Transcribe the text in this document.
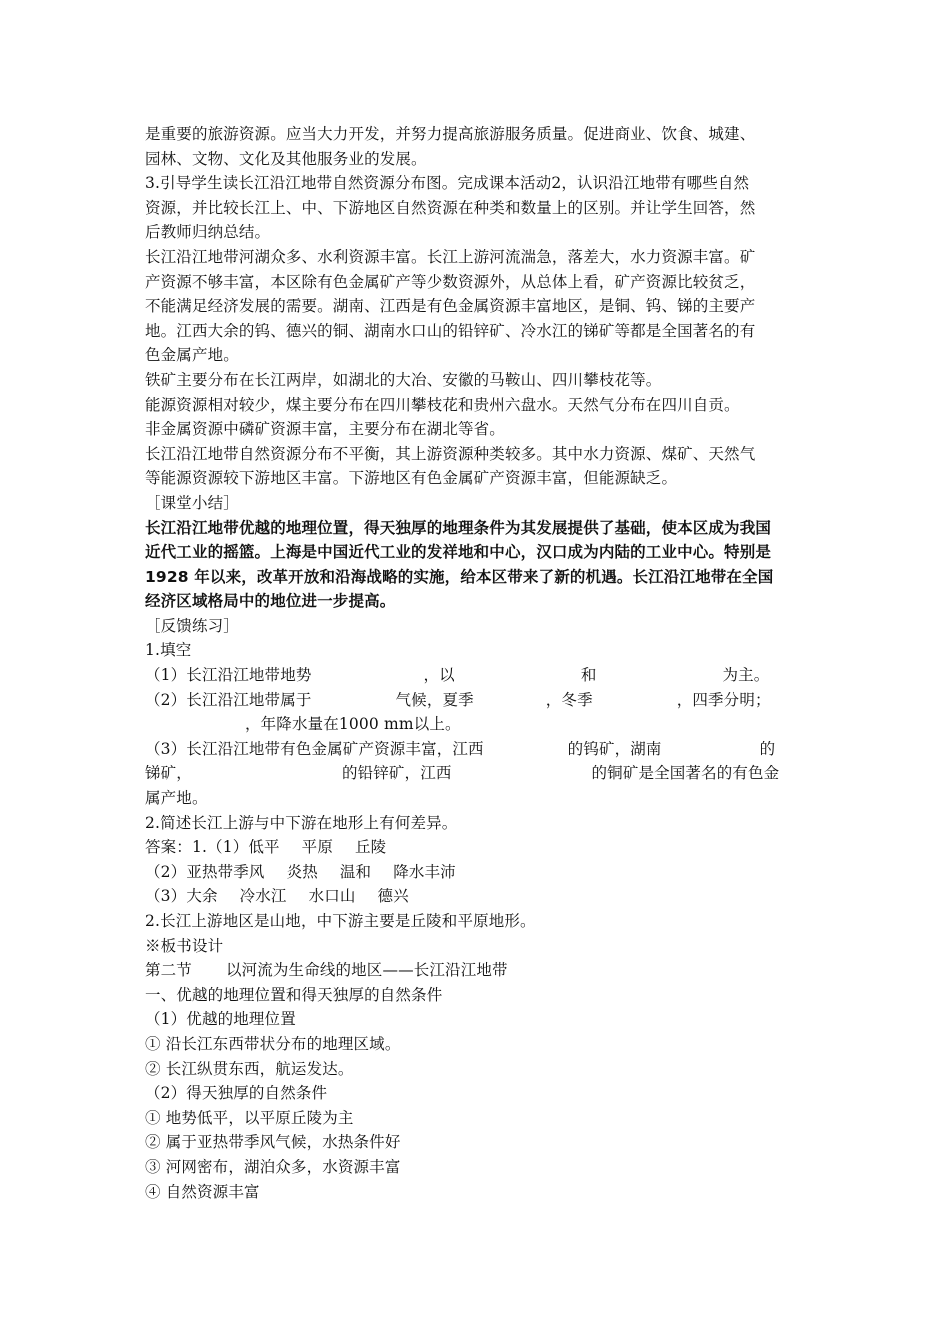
是重要的旅游资源。应当大力开发，并努力提高旅游服务质量。促进商业、饮食、城建、
园林、文物、文化及其他服务业的发展。
3.引导学生读长江沿江地带自然资源分布图。完成课本活动2，认识沿江地带有哪些自然
资源，并比较长江上、中、下游地区自然资源在种类和数量上的区别。并让学生回答，然
后教师归纳总结。
长江沿江地带河湖众多、水利资源丰富。长江上游河流湍急，落差大，水力资源丰富。矿
产资源不够丰富，本区除有色金属矿产等少数资源外，从总体上看，矿产资源比较贫乏，
不能满足经济发展的需要。湖南、江西是有色金属资源丰富地区，是铜、钨、锑的主要产
地。江西大余的钨、德兴的铜、湖南水口山的铅锌矿、冷水江的锑矿等都是全国著名的有
色金属产地。
铁矿主要分布在长江两岸，如湖北的大冶、安徽的马鞍山、四川攀枝花等。
能源资源相对较少，煤主要分布在四川攀枝花和贵州六盘水。天然气分布在四川自贡。
非金属资源中磷矿资源丰富，主要分布在湖北等省。
长江沿江地带自然资源分布不平衡，其上游资源种类较多。其中水力资源、煤矿、天然气
等能源资源较下游地区丰富。下游地区有色金属矿产资源丰富，但能源缺乏。
［课堂小结］
长江沿江地带优越的地理位置，得天独厚的地理条件为其发展提供了基础，使本区成为我国
近代工业的摇篮。上海是中国近代工业的发祥地和中心，汉口成为内陆的工业中心。特别是
1928 年以来，改革开放和沿海战略的实施，给本区带来了新的机遇。长江沿江地带在全国
经济区域格局中的地位进一步提高。
［反馈练习］
1.填空
（1）长江沿江地带地势	，以	和	为主。
（2）长江沿江地带属于	气候，夏季	，冬季	，四季分明；
，年降水量在1000 mm以上。
（3）长江沿江地带有色金属矿产资源丰富，江西	的钨矿，湖南	的
锑矿，	的铅锌矿，江西	的铜矿是全国著名的有色金
属产地。
2.简述长江上游与中下游在地形上有何差异。
答案：1.（1）低平 平原 丘陵
（2）亚热带季风 炎热 温和 降水丰沛
（3）大余 冷水江 水口山 德兴
2.长江上游地区是山地，中下游主要是丘陵和平原地形。
※板书设计
第二节 以河流为生命线的地区——长江沿江地带
一、优越的地理位置和得天独厚的自然条件
（1）优越的地理位置
① 沿长江东西带状分布的地理区域。
② 长江纵贯东西，航运发达。
（2）得天独厚的自然条件
① 地势低平，以平原丘陵为主
② 属于亚热带季风气候，水热条件好
③ 河网密布，湖泊众多，水资源丰富
④ 自然资源丰富
